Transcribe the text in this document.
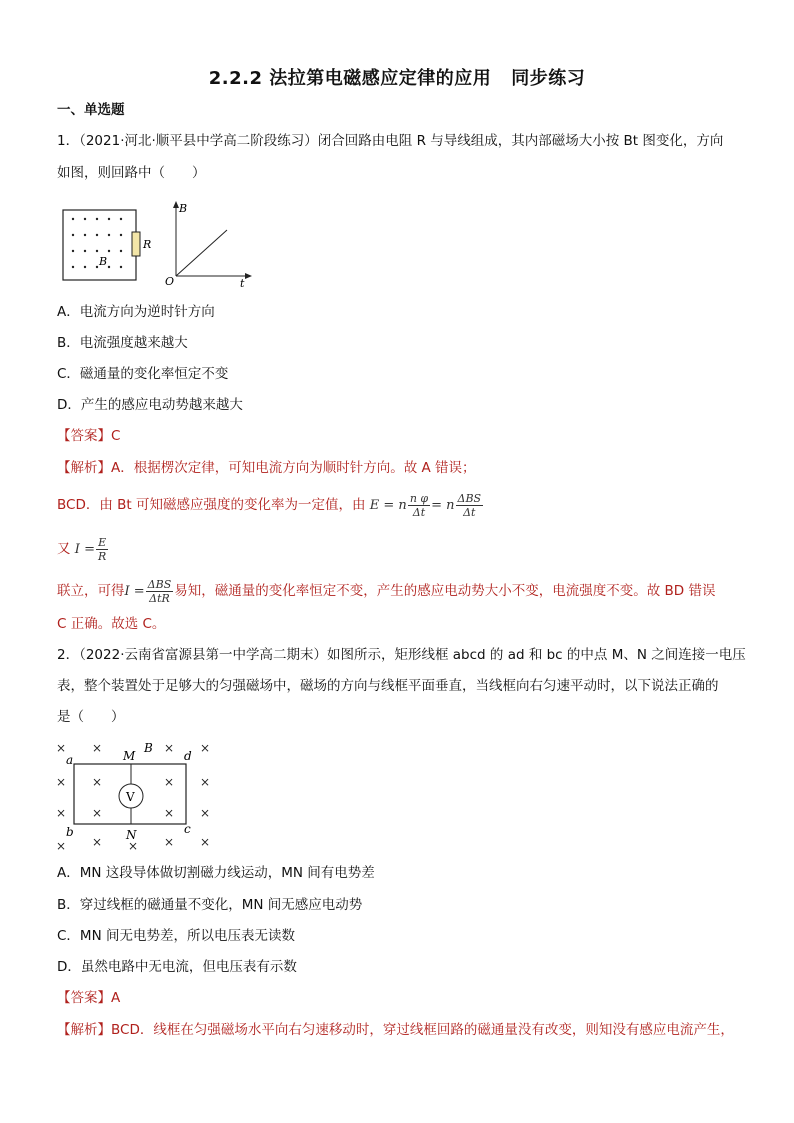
2.2.2 法拉第电磁感应定律的应用 同步练习
一、单选题
1．（2021·河北·顺平县中学高二阶段练习）闭合回路由电阻 R 与导线组成，其内部磁场大小按 Bt 图变化，方向
如图，则回路中（　　）
B
R
B
t
O
A．电流方向为逆时针方向
B．电流强度越来越大
C．磁通量的变化率恒定不变
D．产生的感应电动势越来越大
【答案】C
【解析】A．根据楞次定律，可知电流方向为顺时针方向。故 A 错误；
BCD．由 Bt 可知磁感应强度的变化率为一定值，由 E = n $\frac{\text{n φ}}{\Delta t} = n \frac{\text{ΔBS}}{\Delta t}$
又 $I = \frac{E}{R}$
联立，可得$I = \frac{\text{ΔBS}}{\text{ΔtR}}$ 易知，磁通量的变化率恒定不变，产生的感应电动势大小不变，电流强度不变。故 BD 错误
C 正确。故选 C。
2．（2022·云南省富源县第一中学高二期末）如图所示，矩形线框 abcd 的 ad 和 bc 的中点 M、N 之间连接一电压
表，整个装置处于足够大的匀强磁场中，磁场的方向与线框平面垂直，当线框向右匀速平动时，以下说法正确的
是（　　）
× ×	× ×
× ×	× ×
× ×	× ×
×	× ×
×	×
V
a	d
b	c
M
N
B
A．MN 这段导体做切割磁力线运动，MN 间有电势差
B．穿过线框的磁通量不变化，MN 间无感应电动势
C．MN 间无电势差，所以电压表无读数
D．虽然电路中无电流，但电压表有示数
【答案】A
【解析】BCD．线框在匀强磁场水平向右匀速移动时，穿过线框回路的磁通量没有改变，则知没有感应电流产生，
